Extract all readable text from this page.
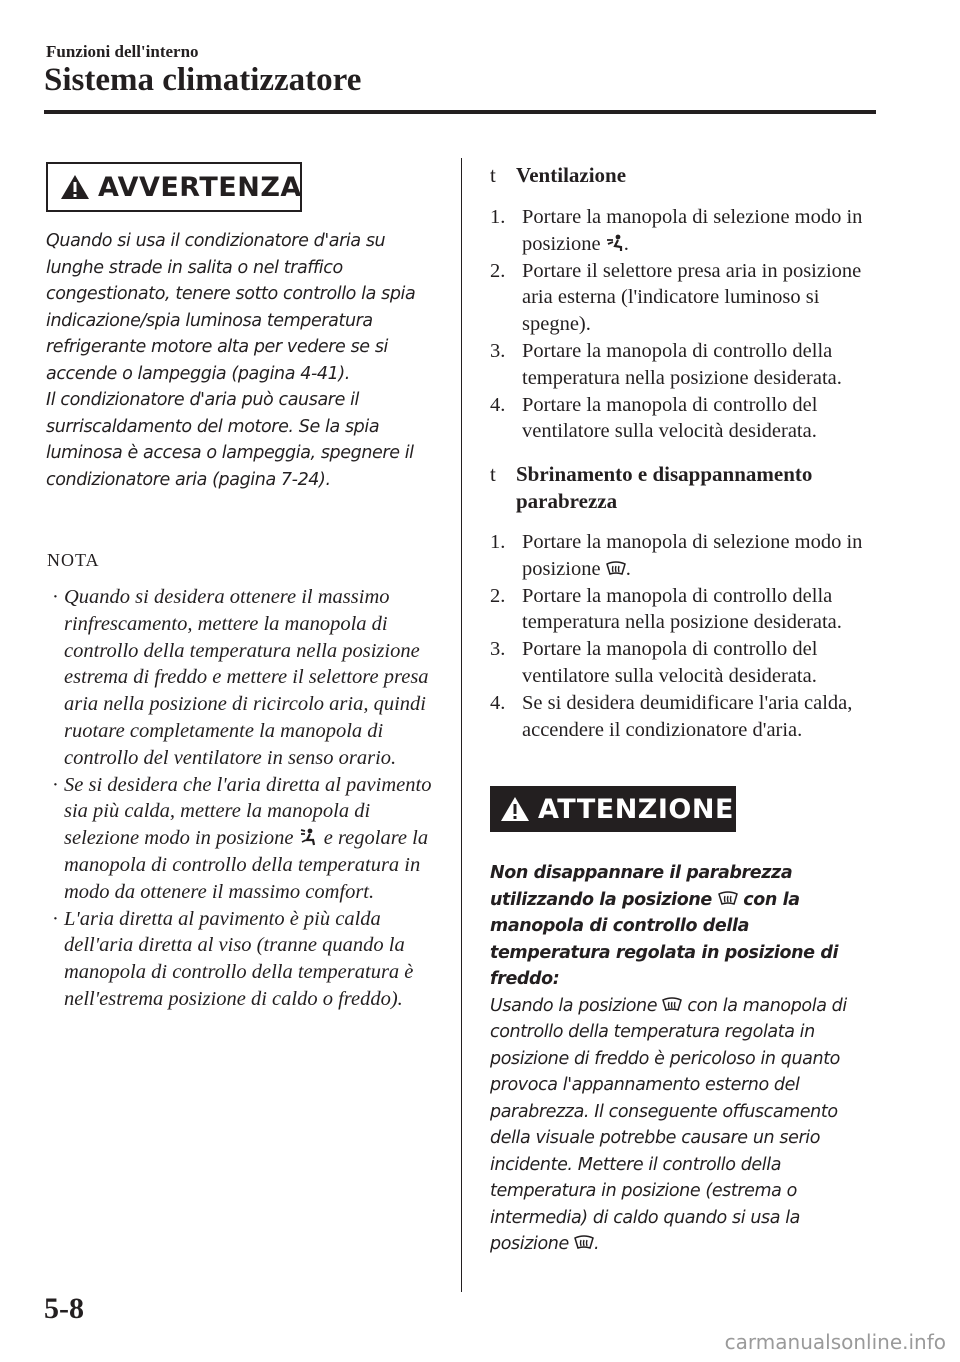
Funzioni dell'interno
Sistema climatizzatore
AVVERTENZA
Quando si usa il condizionatore d'aria su lunghe strade in salita o nel traffico congestionato, tenere sotto controllo la spia indicazione/spia luminosa temperatura refrigerante motore alta per vedere se si accende o lampeggia (pagina 4-41).
Il condizionatore d'aria può causare il surriscaldamento del motore. Se la spia luminosa è accesa o lampeggia, spegnere il condizionatore aria (pagina 7-24).
NOTA
· Quando si desidera ottenere il massimo rinfrescamento, mettere la manopola di controllo della temperatura nella posizione estrema di freddo e mettere il selettore presa aria nella posizione di ricircolo aria, quindi ruotare completamente la manopola di controllo del ventilatore in senso orario.
· Se si desidera che l'aria diretta al pavimento sia più calda, mettere la manopola di selezione modo in posizione  e regolare la manopola di controllo della temperatura in modo da ottenere il massimo comfort.
· L'aria diretta al pavimento è più calda dell'aria diretta al viso (tranne quando la manopola di controllo della temperatura è nell'estrema posizione di caldo o freddo).
t Ventilazione
1. Portare la manopola di selezione modo in posizione .
2. Portare il selettore presa aria in posizione aria esterna (l'indicatore luminoso si spegne).
3. Portare la manopola di controllo della temperatura nella posizione desiderata.
4. Portare la manopola di controllo del ventilatore sulla velocità desiderata.
t Sbrinamento e disappannamento parabrezza
1. Portare la manopola di selezione modo in posizione .
2. Portare la manopola di controllo della temperatura nella posizione desiderata.
3. Portare la manopola di controllo del ventilatore sulla velocità desiderata.
4. Se si desidera deumidificare l'aria calda, accendere il condizionatore d'aria.
ATTENZIONE
Non disappannare il parabrezza utilizzando la posizione  con la manopola di controllo della temperatura regolata in posizione di freddo:
Usando la posizione  con la manopola di controllo della temperatura regolata in posizione di freddo è pericoloso in quanto provoca l'appannamento esterno del parabrezza. Il conseguente offuscamento della visuale potrebbe causare un serio incidente. Mettere il controllo della temperatura in posizione (estrema o intermedia) di caldo quando si usa la posizione .
5-8
carmanualsonline.info
